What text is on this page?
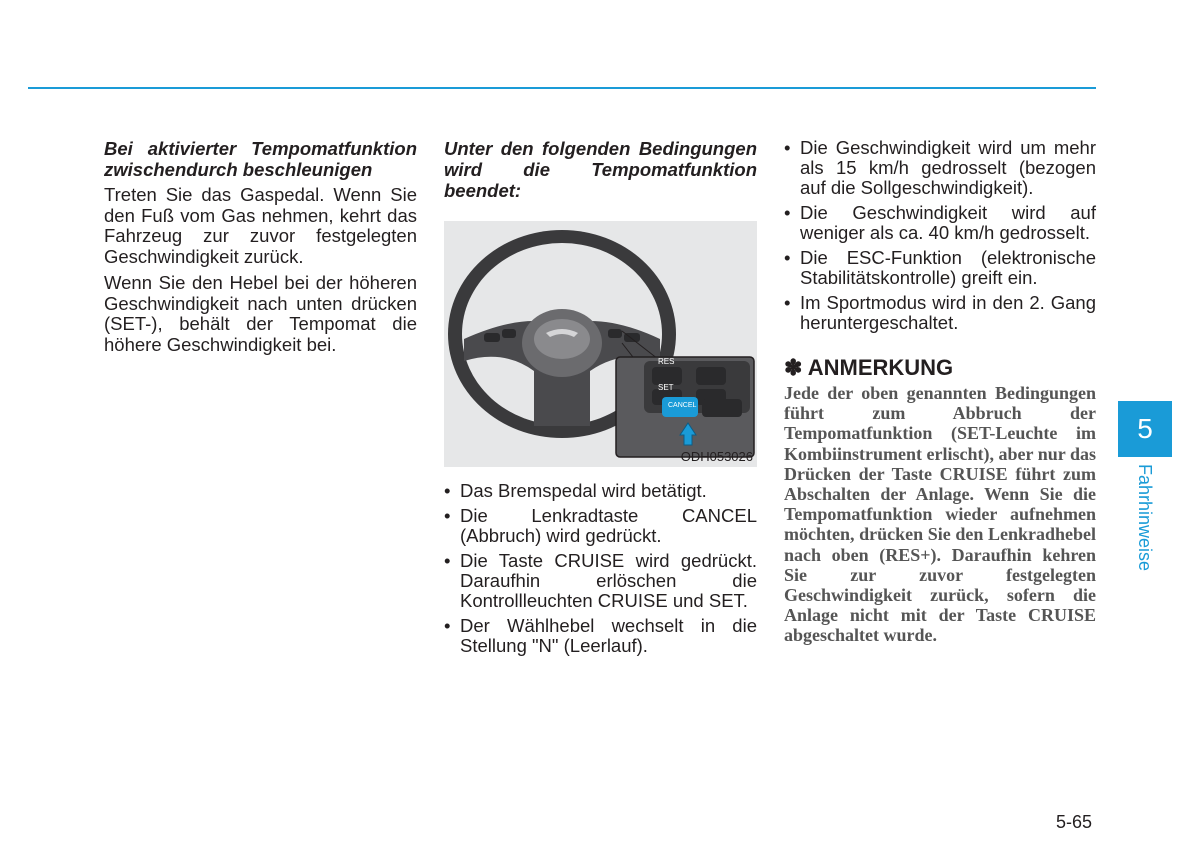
Bei aktivierter Tempomatfunktion zwischendurch beschleunigen

Treten Sie das Gaspedal. Wenn Sie den Fuß vom Gas nehmen, kehrt das Fahrzeug zur zuvor festgelegten Geschwindigkeit zurück.

Wenn Sie den Hebel bei der höheren Geschwindigkeit nach unten drücken (SET-), behält der Tempomat die höhere Geschwindigkeit bei.

Unter den folgenden Bedingungen wird die Tempomatfunktion beendet:

RES
SET
CANCEL
ODH053026
• Das Bremspedal wird betätigt.
• Die Lenkradtaste CANCEL (Abbruch) wird gedrückt.
• Die Taste CRUISE wird gedrückt. Daraufhin erlöschen die Kontrollleuchten CRUISE und SET.
• Der Wählhebel wechselt in die Stellung "N" (Leerlauf).
• Die Geschwindigkeit wird um mehr als 15 km/h gedrosselt (bezogen auf die Sollgeschwindigkeit).
• Die Geschwindigkeit wird auf weniger als ca. 40 km/h gedrosselt.
• Die ESC-Funktion (elektronische Stabilitätskontrolle) greift ein.
• Im Sportmodus wird in den 2. Gang heruntergeschaltet.
✽ ANMERKUNG

Jede der oben genannten Bedingungen führt zum Abbruch der Tempomatfunktion (SET-Leuchte im Kombiinstrument erlischt), aber nur das Drücken der Taste CRUISE führt zum Abschalten der Anlage. Wenn Sie die Tempomatfunktion wieder aufnehmen möchten, drücken Sie den Lenkradhebel nach oben (RES+). Daraufhin kehren Sie zur zuvor festgelegten Geschwindigkeit zurück, sofern die Anlage nicht mit der Taste CRUISE abgeschaltet wurde.

5
Fahrhinweise
5-65
